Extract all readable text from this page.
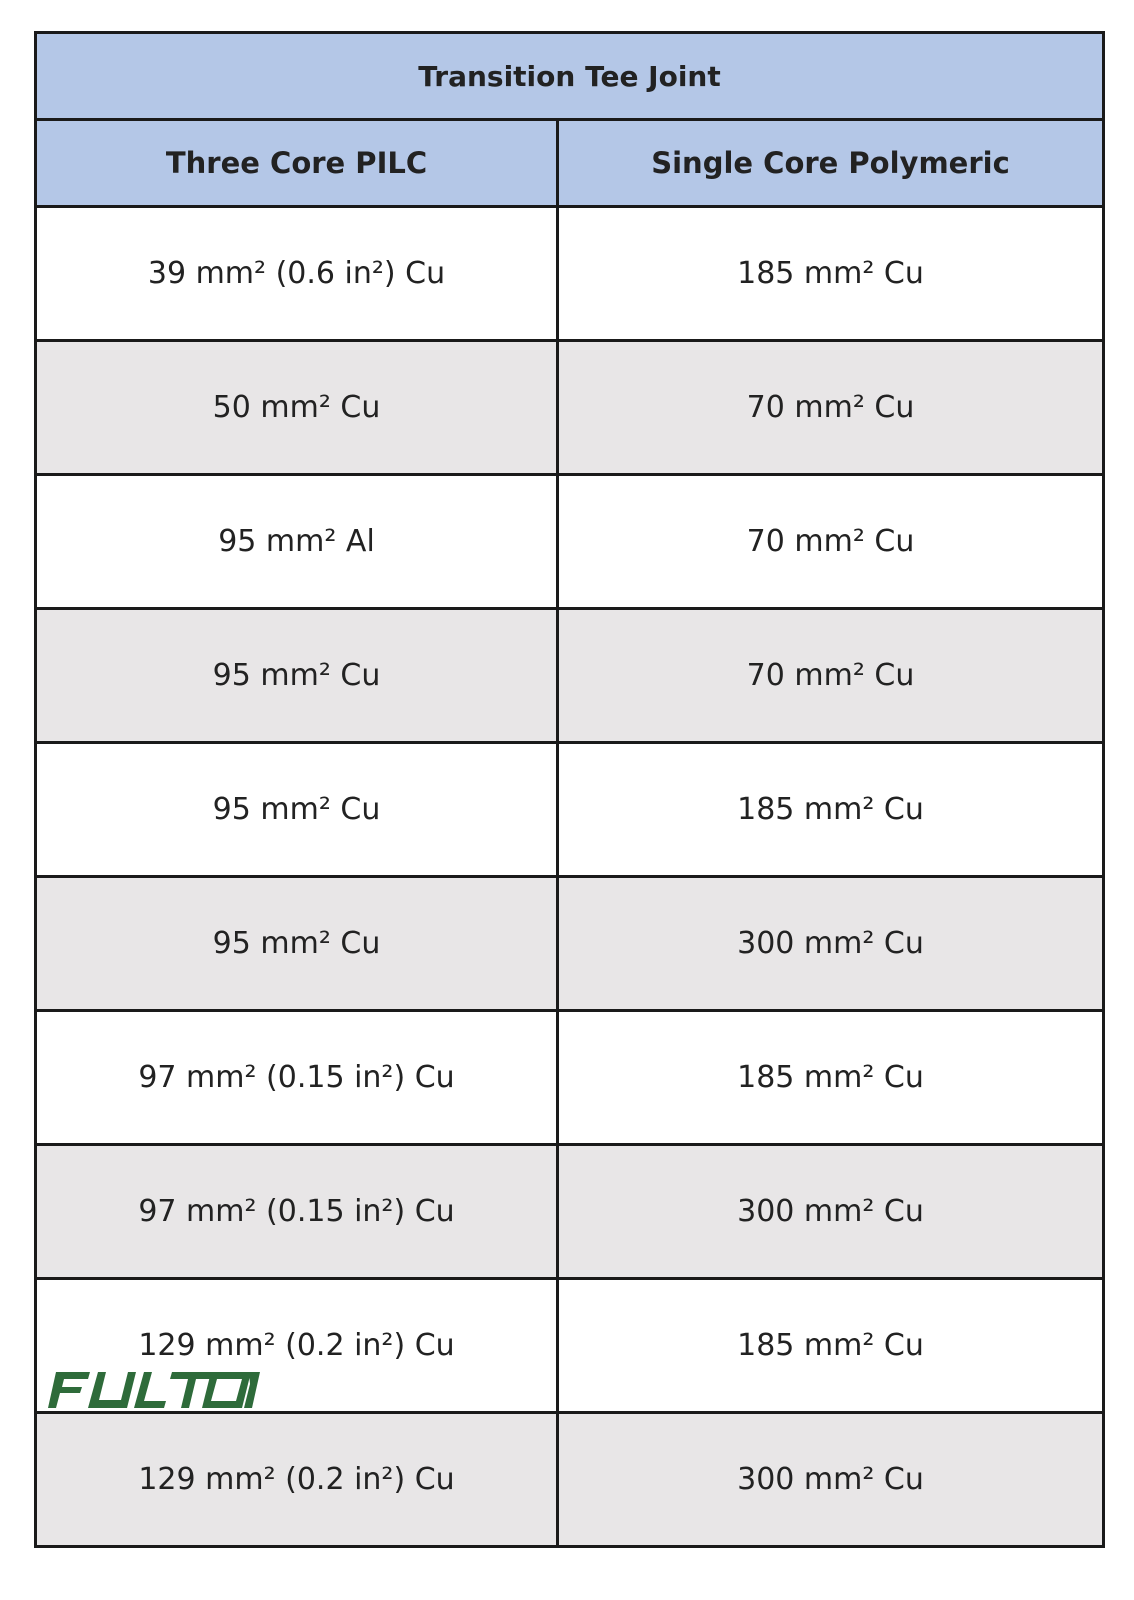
Transition Tee Joint	
Three Core PILC	Single Core Polymeric
39 mm² (0.6 in²) Cu	185 mm² Cu
50 mm² Cu	70 mm² Cu
95 mm² Al	70 mm² Cu
95 mm² Cu	70 mm² Cu
95 mm² Cu	185 mm² Cu
95 mm² Cu	300 mm² Cu
97 mm² (0.15 in²) Cu	185 mm² Cu
97 mm² (0.15 in²) Cu	300 mm² Cu
129 mm² (0.2 in²) Cu	185 mm² Cu
129 mm² (0.2 in²) Cu	300 mm² Cu
